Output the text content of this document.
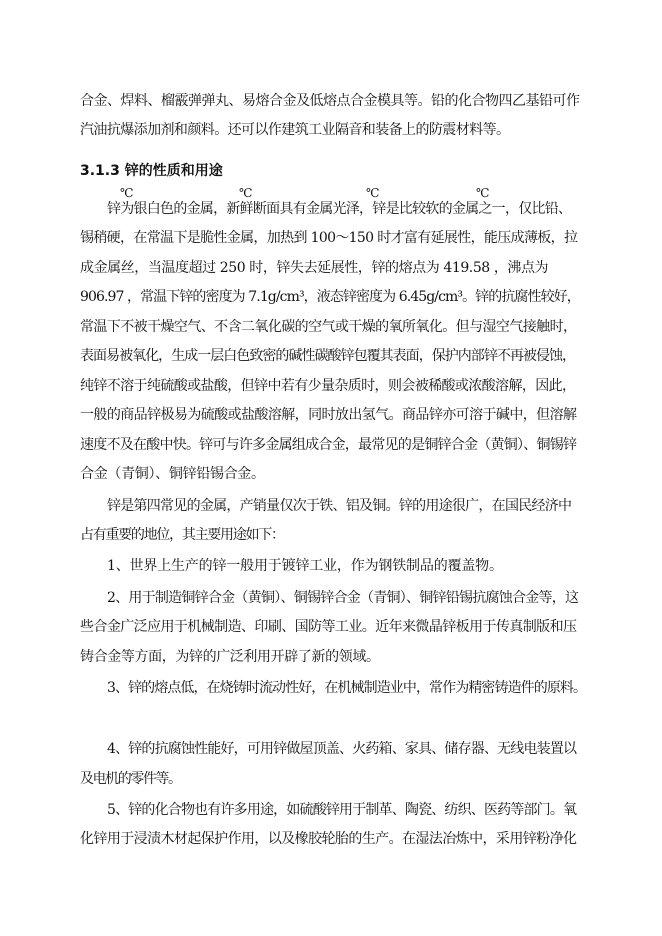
合金、焊料、榴霰弹弹丸、易熔合金及低熔点合金模具等。铅的化合物四乙基铅可作
汽油抗爆添加剂和颜料。还可以作建筑工业隔音和装备上的防震材料等。
3.1.3 锌的性质和用途
℃	℃	℃	℃
锌为银白色的金属，新鲜断面具有金属光泽，锌是比较软的金属之一，仅比铅、
锡稍硬，在常温下是脆性金属，加热到 100～150 时才富有延展性，能压成薄板，拉
成金属丝，当温度超过 250 时，锌失去延展性，锌的熔点为 419.58 ，沸点为
906.97 ，常温下锌的密度为 7.1g/cm³，液态锌密度为 6.45g/cm³。锌的抗腐性较好，
常温下不被干燥空气、不含二氧化碳的空气或干燥的氧所氧化。但与湿空气接触时，
表面易被氧化，生成一层白色致密的碱性碳酸锌包覆其表面，保护内部锌不再被侵蚀，
纯锌不溶于纯硫酸或盐酸，但锌中若有少量杂质时，则会被稀酸或浓酸溶解，因此，
一般的商品锌极易为硫酸或盐酸溶解，同时放出氢气。商品锌亦可溶于碱中，但溶解
速度不及在酸中快。锌可与许多金属组成合金，最常见的是铜锌合金（黄铜）、铜锡锌
合金（青铜）、铜锌铅锡合金。
锌是第四常见的金属，产销量仅次于铁、铝及铜。锌的用途很广，在国民经济中
占有重要的地位，其主要用途如下：
1、世界上生产的锌一般用于镀锌工业，作为钢铁制品的覆盖物。
2、用于制造铜锌合金（黄铜）、铜锡锌合金（青铜）、铜锌铅锡抗腐蚀合金等，这
些合金广泛应用于机械制造、印刷、国防等工业。近年来微晶锌板用于传真制版和压
铸合金等方面，为锌的广泛利用开辟了新的领域。
3、锌的熔点低，在烧铸时流动性好，在机械制造业中，常作为精密铸造件的原料。
4、锌的抗腐蚀性能好，可用锌做屋顶盖、火药箱、家具、储存器、无线电装置以
及电机的零件等。
5、锌的化合物也有许多用途，如硫酸锌用于制革、陶瓷、纺织、医药等部门。氧
化锌用于浸渍木材起保护作用，以及橡胶轮胎的生产。在湿法冶炼中，采用锌粉净化
